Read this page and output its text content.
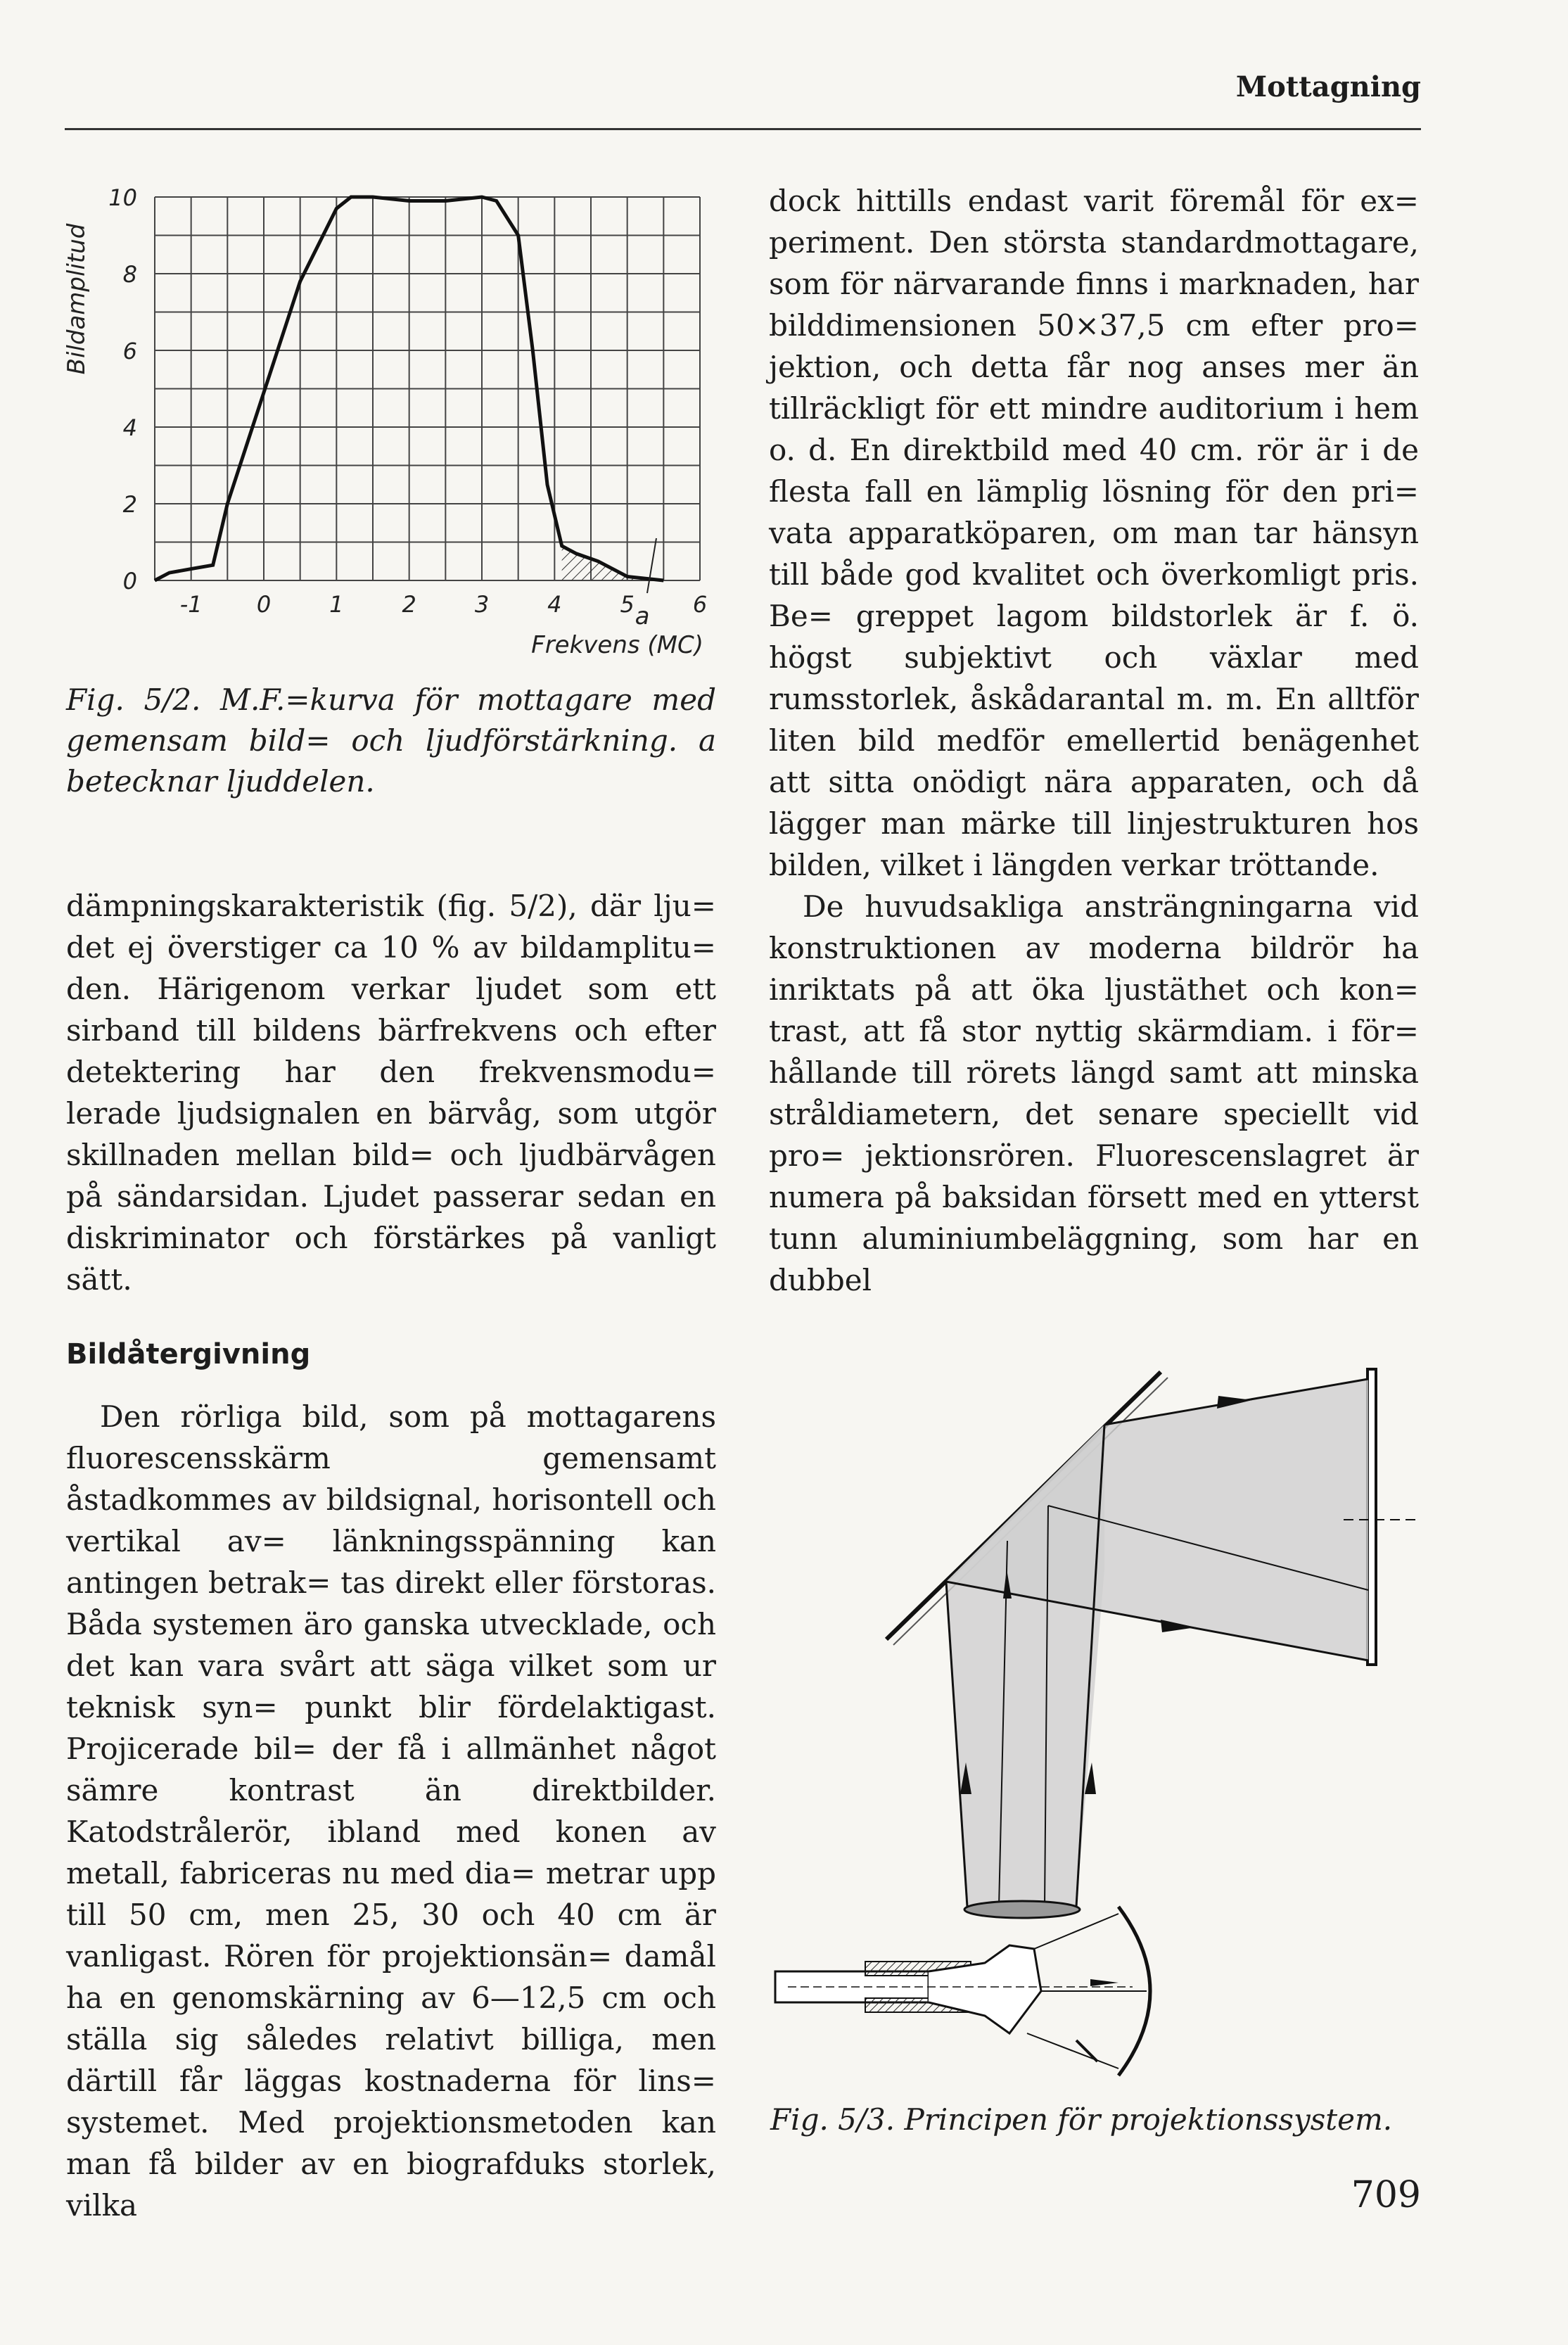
Mottagning
10
8
6
4
2
0
-1 0	1	2	3	4	5	6
Bildamplitud
a
Frekvens (MC)
Fig. 5/2. M.F.=kurva för mottagare med gemensam bild= och ljudförstärkning. a betecknar ljuddelen.

dämpningskarakteristik (fig. 5/2), där lju= det ej överstiger ca 10 % av bildamplitu= den. Härigenom verkar ljudet som ett sirband till bildens bärfrekvens och efter detektering har den frekvensmodu= lerade ljudsignalen en bärvåg, som utgör skillnaden mellan bild= och ljudbärvågen på sändarsidan. Ljudet passerar sedan en diskriminator och förstärkes på vanligt sätt.

Bildåtergivning

Den rörliga bild, som på mottagarens fluorescensskärm gemensamt åstadkommes av bildsignal, horisontell och vertikal av= länkningsspänning kan antingen betrak= tas direkt eller förstoras. Båda systemen äro ganska utvecklade, och det kan vara svårt att säga vilket som ur teknisk syn= punkt blir fördelaktigast. Projicerade bil= der få i allmänhet något sämre kontrast än direktbilder. Katodstrålerör, ibland med konen av metall, fabriceras nu med dia= metrar upp till 50 cm, men 25, 30 och 40 cm är vanligast. Rören för projektionsän= damål ha en genomskärning av 6—12,5 cm och ställa sig således relativt billiga, men därtill får läggas kostnaderna för lins= systemet. Med projektionsmetoden kan man få bilder av en biografduks storlek, vilka

dock hittills endast varit föremål för ex= periment. Den största standardmottagare, som för närvarande finns i marknaden, har bilddimensionen 50×37,5 cm efter pro= jektion, och detta får nog anses mer än tillräckligt för ett mindre auditorium i hem o. d. En direktbild med 40 cm. rör är i de flesta fall en lämplig lösning för den pri= vata apparatköparen, om man tar hänsyn till både god kvalitet och överkomligt pris. Be= greppet lagom bildstorlek är f. ö. högst subjektivt och växlar med rumsstorlek, åskådarantal m. m. En alltför liten bild medför emellertid benägenhet att sitta onödigt nära apparaten, och då lägger man märke till linjestrukturen hos bilden, vilket i längden verkar tröttande.

De huvudsakliga ansträngningarna vid konstruktionen av moderna bildrör ha inriktats på att öka ljustäthet och kon= trast, att få stor nyttig skärmdiam. i för= hållande till rörets längd samt att minska stråldiametern, det senare speciellt vid pro= jektionsrören. Fluorescenslagret är numera på baksidan försett med en ytterst tunn aluminiumbeläggning, som har en dubbel

Fig. 5/3. Principen för projektionssystem.
709
